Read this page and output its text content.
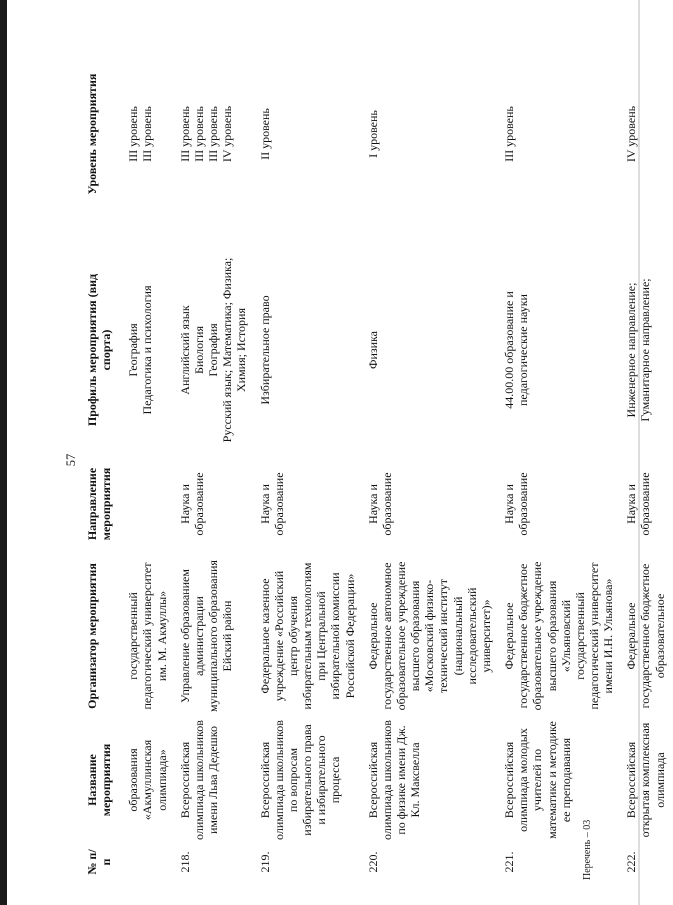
57
№ п/п	Название мероприятия	Организатор мероприятия	Направление мероприятия	Профиль мероприятия (вид спорта)	Уровень мероприятия
	образования «Акмуллинская олимпиада»	государственный педагогический университет им. М. Акмуллы»		География Педагогика и психология	III уровень III уровень

218.	Всероссийская олимпиада школьников имени Льва Дедешко	Управление образованием администрации муниципального образования Ейский район	Наука и образование	Английский язык Биология География Русский язык; Математика; Физика; Химия; История	III уровень III уровень III уровень IV уровень

219.	Всероссийская олимпиада школьников по вопросам избирательного права и избирательного процесса	Федеральное казенное учреждение «Российский центр обучения избирательным технологиям при Центральной избирательной комиссии Российской Федерации»	Наука и образование	Избирательное право	II уровень

220.	Всероссийская олимпиада школьников по физике имени Дж. Кл. Максвелла	Федеральное государственное автономное образовательное учреждение высшего образования «Московский физико-технический институт (национальный исследовательский университет)»	Наука и образование	Физика	I уровень

221.	Всероссийская олимпиада молодых учителей по математике и методике ее преподавания	Федеральное государственное бюджетное образовательное учреждение высшего образования «Ульяновский государственный педагогический университет имени И.Н. Ульянова»	Наука и образование	44.00.00 образование и педагогические науки	III уровень

222.	Всероссийская открытая комплексная олимпиада	Федеральное государственное бюджетное образовательное	Наука и образование	Инженерное направление; Гуманитарное направление;	IV уровень
Перечень – 03
